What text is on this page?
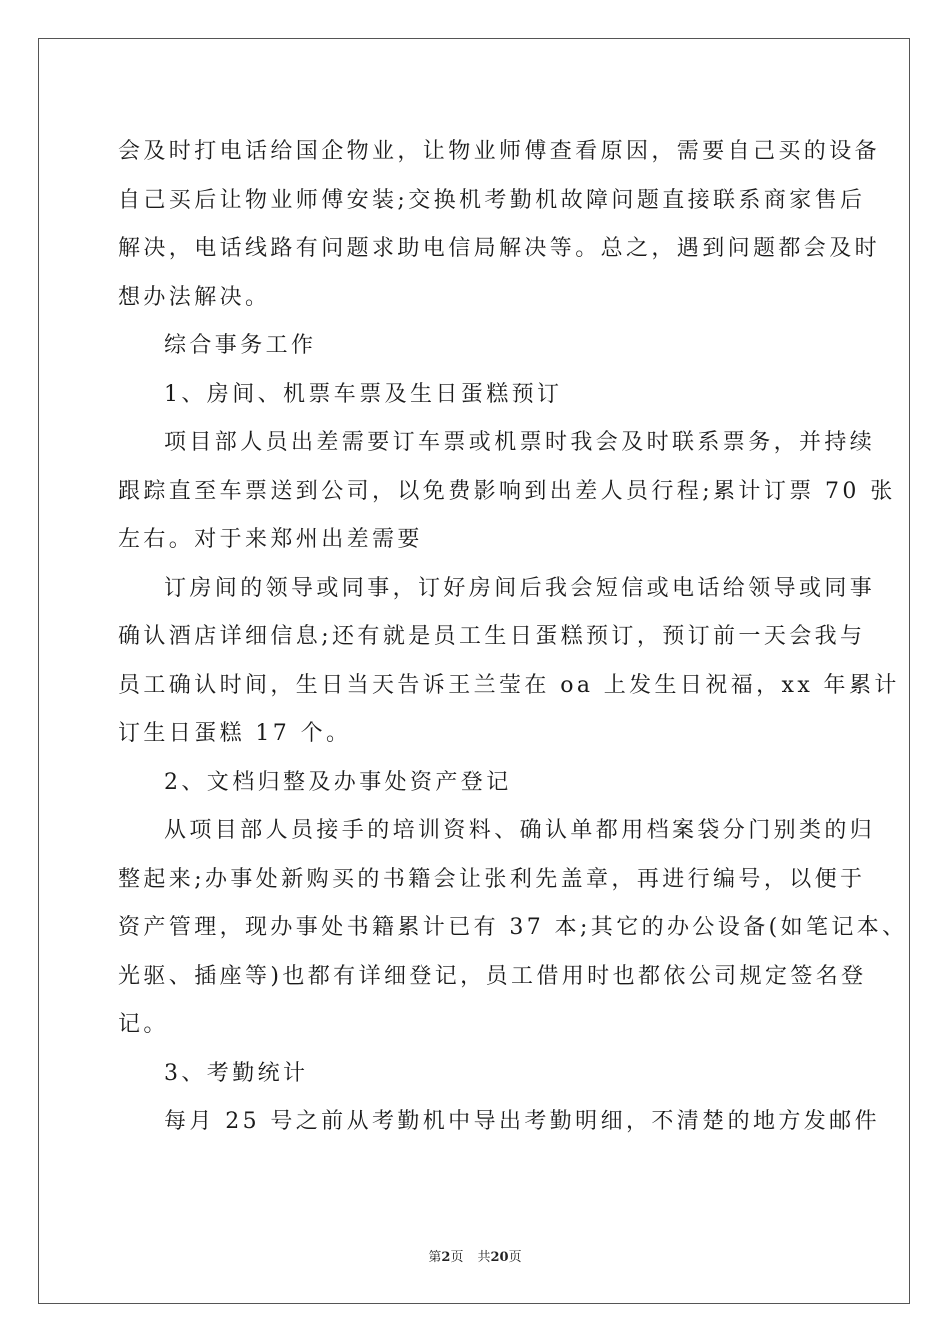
会及时打电话给国企物业，让物业师傅查看原因，需要自己买的设备

自己买后让物业师傅安装;交换机考勤机故障问题直接联系商家售后

解决，电话线路有问题求助电信局解决等。总之，遇到问题都会及时

想办法解决。

综合事务工作

1、房间、机票车票及生日蛋糕预订

项目部人员出差需要订车票或机票时我会及时联系票务，并持续

跟踪直至车票送到公司，以免费影响到出差人员行程;累计订票 70 张

左右。对于来郑州出差需要

订房间的领导或同事，订好房间后我会短信或电话给领导或同事

确认酒店详细信息;还有就是员工生日蛋糕预订，预订前一天会我与

员工确认时间，生日当天告诉王兰莹在 oa 上发生日祝福，xx 年累计

订生日蛋糕 17 个。

2、文档归整及办事处资产登记

从项目部人员接手的培训资料、确认单都用档案袋分门别类的归

整起来;办事处新购买的书籍会让张利先盖章，再进行编号，以便于

资产管理，现办事处书籍累计已有 37 本;其它的办公设备(如笔记本、

光驱、插座等)也都有详细登记，员工借用时也都依公司规定签名登

记。

3、考勤统计

每月 25 号之前从考勤机中导出考勤明细，不清楚的地方发邮件

第2页 共20页
